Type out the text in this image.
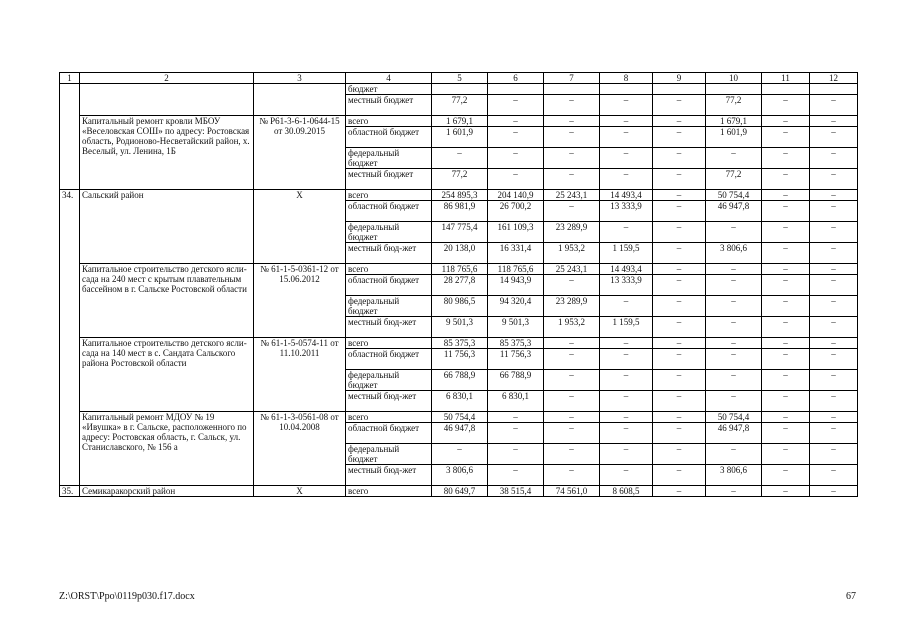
1	2	3	4	5	6	7	8	9	10	11	12
			бюджет								
			местный бюджет	77,2	–	–	–	–	77,2	–	–
	Капитальный ремонт кровли МБОУ «Веселовская СОШ» по адресу: Ростовская область, Родионово-Несветайский район, х. Веселый, ул. Ленина, 1Б	№ Р61-3-6-1-0644-15 от 30.09.2015	всего	1 679,1	–	–	–	–	1 679,1	–	–
			областной бюджет	1 601,9	–	–	–	–	1 601,9	–	–
			федеральный бюджет	–	–	–	–	–	–	–	–
			местный бюджет	77,2	–	–	–	–	77,2	–	–
34.	Сальский район	Х	всего	254 895,3	204 140,9	25 243,1	14 493,4	–	50 754,4	–	–
			областной бюджет	86 981,9	26 700,2	–	13 333,9	–	46 947,8	–	–
			федеральный бюджет	147 775,4	161 109,3	23 289,9	–	–	–	–	–
			местный бюд-жет	20 138,0	16 331,4	1 953,2	1 159,5	–	3 806,6	–	–
	Капитальное строительство детского ясли-сада на 240 мест с крытым плавательным бассейном в г. Сальске Ростовской области	№ 61-1-5-0361-12 от 15.06.2012	всего	118 765,6	118 765,6	25 243,1	14 493,4	–	–	–	–
			областной бюджет	28 277,8	14 943,9	–	13 333,9	–	–	–	–
			федеральный бюджет	80 986,5	94 320,4	23 289,9	–	–	–	–	–
			местный бюд-жет	9 501,3	9 501,3	1 953,2	1 159,5	–	–	–	–
	Капитальное строительство детского ясли-сада на 140 мест в с. Сандата Сальского района Ростовской области	№ 61-1-5-0574-11 от 11.10.2011	всего	85 375,3	85 375,3	–	–	–	–	–	–
			областной бюджет	11 756,3	11 756,3	–	–	–	–	–	–
			федеральный бюджет	66 788,9	66 788,9	–	–	–	–	–	–
			местный бюд-жет	6 830,1	6 830,1	–	–	–	–	–	–
	Капитальный ремонт МДОУ № 19 «Ивушка» в г. Сальске, расположенного по адресу: Ростовская область, г. Сальск, ул. Станиславского, № 156 а	№ 61-1-3-0561-08 от 10.04.2008	всего	50 754,4	–	–	–	–	50 754,4	–	–
			областной бюджет	46 947,8	–	–	–	–	46 947,8	–	–
			федеральный бюджет	–	–	–	–	–	–	–	–
			местный бюд-жет	3 806,6	–	–	–	–	3 806,6	–	–
35.	Семикаракорский район	Х	всего	80 649,7	38 515,4	74 561,0	8 608,5	–	–	–	–
Z:\ORST\Ppo\0119p030.f17.docx	67
